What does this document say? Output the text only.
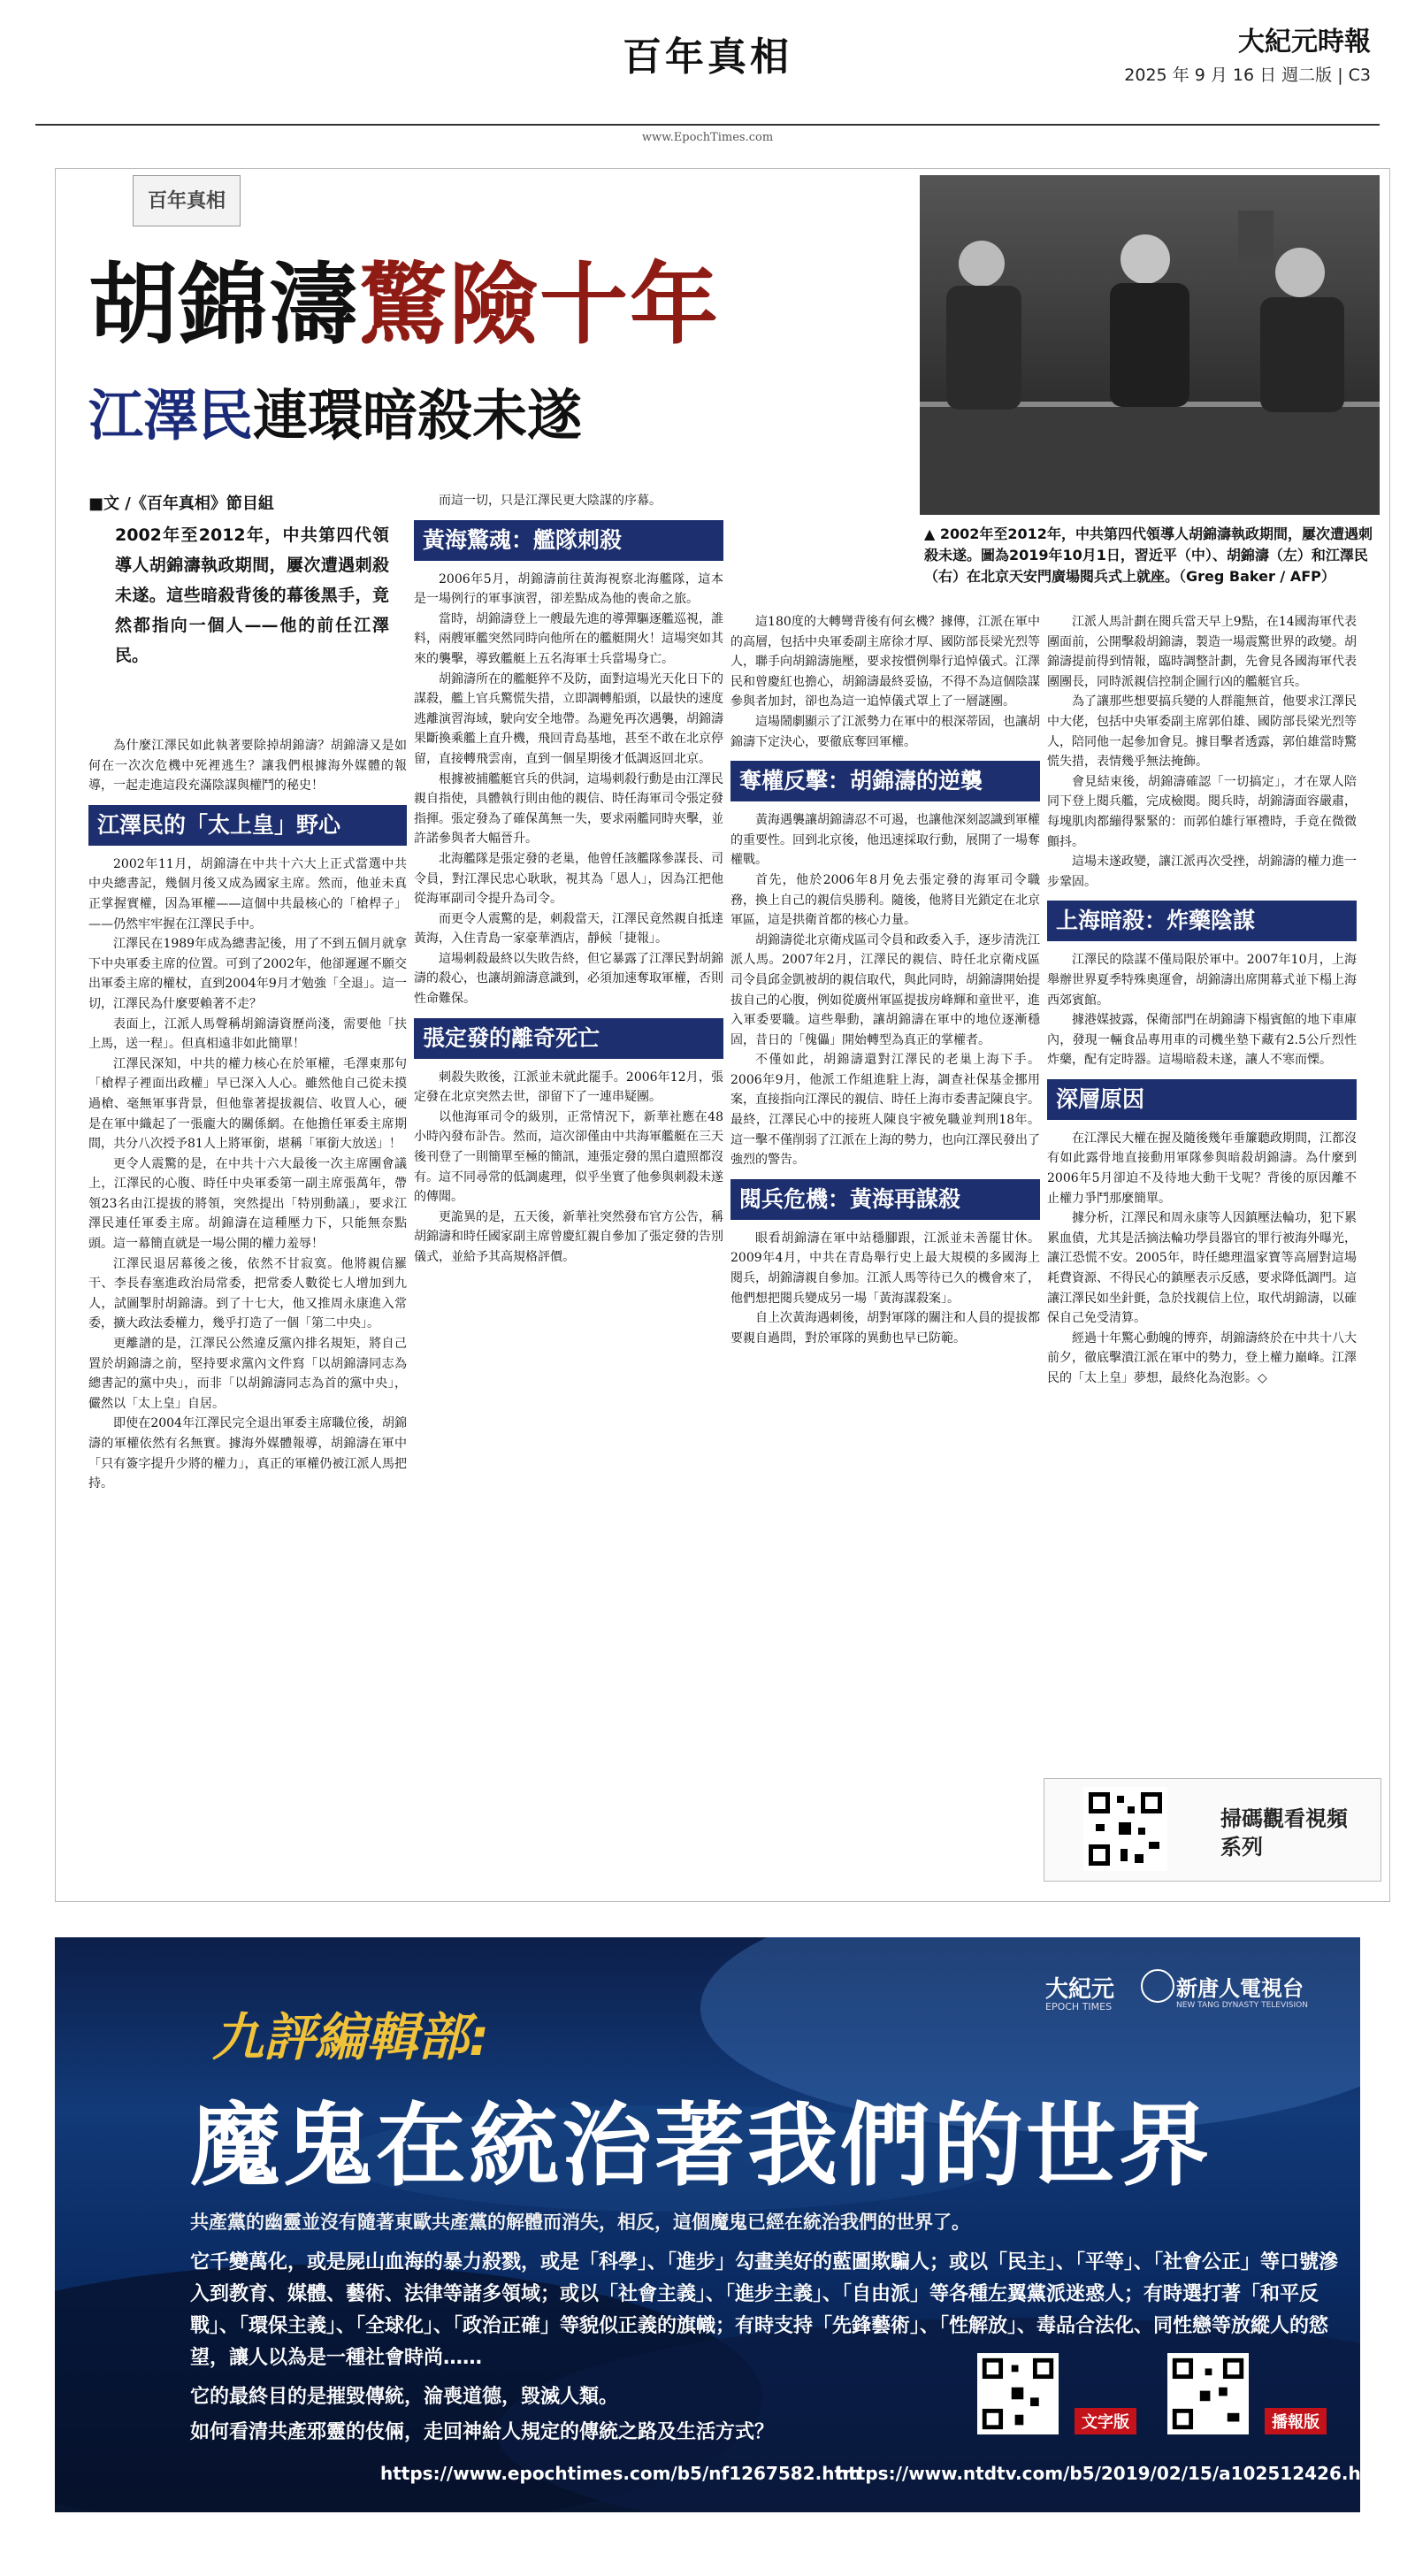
百年真相	大紀元時報
2025 年 9 月 16 日 週二版 | C3
www.EpochTimes.com
百年真相
胡錦濤驚險十年
江澤民連環暗殺未遂
■文 /《百年真相》節目組
2002年至2012年，中共第四代領導人胡錦濤執政期間，屢次遭遇刺殺未遂。這些暗殺背後的幕後黑手，竟然都指向一個人——他的前任江澤民。
▲ 2002年至2012年，中共第四代領導人胡錦濤執政期間，屢次遭遇刺殺未遂。圖為2019年10月1日，習近平（中）、胡錦濤（左）和江澤民（右）在北京天安門廣場閱兵式上就座。（Greg Baker / AFP）

為什麼江澤民如此執著要除掉胡錦濤？胡錦濤又是如何在一次次危機中死裡逃生？讓我們根據海外媒體的報導，一起走進這段充滿陰謀與權鬥的秘史！

江澤民的「太上皇」野心

2002年11月，胡錦濤在中共十六大上正式當選中共中央總書記，幾個月後又成為國家主席。然而，他並未真正掌握實權，因為軍權——這個中共最核心的「槍桿子」——仍然牢牢握在江澤民手中。

江澤民在1989年成為總書記後，用了不到五個月就拿下中央軍委主席的位置。可到了2002年，他卻遲遲不願交出軍委主席的權杖，直到2004年9月才勉強「全退」。這一切，江澤民為什麼要賴著不走？

表面上，江派人馬聲稱胡錦濤資歷尚淺，需要他「扶上馬，送一程」。但真相遠非如此簡單！

江澤民深知，中共的權力核心在於軍權，毛澤東那句「槍桿子裡面出政權」早已深入人心。雖然他自己從未摸過槍、毫無軍事背景，但他靠著提拔親信、收買人心，硬是在軍中織起了一張龐大的關係網。在他擔任軍委主席期間，共分八次授予81人上將軍銜，堪稱「軍銜大放送」！

更令人震驚的是，在中共十六大最後一次主席團會議上，江澤民的心腹、時任中央軍委第一副主席張萬年，帶領23名由江提拔的將領，突然提出「特別動議」，要求江澤民連任軍委主席。胡錦濤在這種壓力下，只能無奈點頭。這一幕簡直就是一場公開的權力羞辱！

江澤民退居幕後之後，依然不甘寂寞。他將親信羅干、李長春塞進政治局常委，把常委人數從七人增加到九人，試圖掣肘胡錦濤。到了十七大，他又推周永康進入常委，擴大政法委權力，幾乎打造了一個「第二中央」。

更離譜的是，江澤民公然違反黨內排名規矩，將自己置於胡錦濤之前，堅持要求黨內文件寫「以胡錦濤同志為總書記的黨中央」，而非「以胡錦濤同志為首的黨中央」，儼然以「太上皇」自居。

即使在2004年江澤民完全退出軍委主席職位後，胡錦濤的軍權依然有名無實。據海外媒體報導，胡錦濤在軍中「只有簽字提升少將的權力」，真正的軍權仍被江派人馬把持。

而這一切，只是江澤民更大陰謀的序幕。

黃海驚魂：艦隊刺殺

2006年5月，胡錦濤前往黃海視察北海艦隊，這本是一場例行的軍事演習，卻差點成為他的喪命之旅。

當時，胡錦濤登上一艘最先進的導彈驅逐艦巡視，誰料，兩艘軍艦突然同時向他所在的艦艇開火！這場突如其來的襲擊，導致艦艇上五名海軍士兵當場身亡。

胡錦濤所在的艦艇猝不及防，面對這場光天化日下的謀殺，艦上官兵驚慌失措，立即調轉船頭，以最快的速度逃離演習海域，駛向安全地帶。為避免再次遇襲，胡錦濤果斷換乘艦上直升機，飛回青島基地，甚至不敢在北京停留，直接轉飛雲南，直到一個星期後才低調返回北京。

根據被捕艦艇官兵的供詞，這場刺殺行動是由江澤民親自指使，具體執行則由他的親信、時任海軍司令張定發指揮。張定發為了確保萬無一失，要求兩艦同時夾擊，並許諾參與者大幅晉升。

北海艦隊是張定發的老巢，他曾任該艦隊參謀長、司令員，對江澤民忠心耿耿，視其為「恩人」，因為江把他從海軍副司令提升為司令。

而更令人震驚的是，刺殺當天，江澤民竟然親自抵達黃海，入住青島一家豪華酒店，靜候「捷報」。

這場刺殺最終以失敗告終，但它暴露了江澤民對胡錦濤的殺心，也讓胡錦濤意識到，必須加速奪取軍權，否則性命難保。

張定發的離奇死亡

刺殺失敗後，江派並未就此罷手。2006年12月，張定發在北京突然去世，卻留下了一連串疑團。

以他海軍司令的級別，正常情況下，新華社應在48小時內發布訃告。然而，這次卻僅由中共海軍艦艇在三天後刊登了一則簡單至極的簡訊，連張定發的黑白遺照都沒有。這不同尋常的低調處理，似乎坐實了他參與刺殺未遂的傳聞。

更詭異的是，五天後，新華社突然發布官方公告，稱胡錦濤和時任國家副主席曾慶紅親自參加了張定發的告別儀式，並給予其高規格評價。

這180度的大轉彎背後有何玄機？據傳，江派在軍中的高層，包括中央軍委副主席徐才厚、國防部長梁光烈等人，聯手向胡錦濤施壓，要求按慣例舉行追悼儀式。江澤民和曾慶紅也擔心，胡錦濤最終妥協，不得不為這個陰謀參與者加封，卻也為這一追悼儀式罩上了一層謎團。

這場鬧劇顯示了江派勢力在軍中的根深蒂固，也讓胡錦濤下定決心，要徹底奪回軍權。

奪權反擊：胡錦濤的逆襲

黃海遇襲讓胡錦濤忍不可遏，也讓他深刻認識到軍權的重要性。回到北京後，他迅速採取行動，展開了一場奪權戰。

首先，他於2006年8月免去張定發的海軍司令職務，換上自己的親信吳勝利。隨後，他將目光鎖定在北京軍區，這是拱衛首都的核心力量。

胡錦濤從北京衛戍區司令員和政委入手，逐步清洗江派人馬。2007年2月，江澤民的親信、時任北京衛戍區司令員邱金凱被胡的親信取代，與此同時，胡錦濤開始提拔自己的心腹，例如從廣州軍區提拔房峰輝和童世平，進入軍委要職。這些舉動，讓胡錦濤在軍中的地位逐漸穩固，昔日的「傀儡」開始轉型為真正的掌權者。

不僅如此，胡錦濤還對江澤民的老巢上海下手。2006年9月，他派工作組進駐上海，調查社保基金挪用案，直接指向江澤民的親信、時任上海市委書記陳良宇。最終，江澤民心中的接班人陳良宇被免職並判刑18年。這一擊不僅削弱了江派在上海的勢力，也向江澤民發出了強烈的警告。

閱兵危機：黃海再謀殺

眼看胡錦濤在軍中站穩腳跟，江派並未善罷甘休。2009年4月，中共在青島舉行史上最大規模的多國海上閱兵，胡錦濤親自參加。江派人馬等待已久的機會來了，他們想把閱兵變成另一場「黃海謀殺案」。

自上次黃海遇刺後，胡對軍隊的關注和人員的提拔都要親自過問，對於軍隊的異動也早已防範。

江派人馬計劃在閱兵當天早上9點，在14國海軍代表團面前，公開擊殺胡錦濤，製造一場震驚世界的政變。胡錦濤提前得到情報，臨時調整計劃，先會見各國海軍代表團團長，同時派親信控制企圖行凶的艦艇官兵。

為了讓那些想要搞兵變的人群龍無首，他要求江澤民中大佬，包括中央軍委副主席郭伯雄、國防部長梁光烈等人，陪同他一起參加會見。據目擊者透露，郭伯雄當時驚慌失措，表情幾乎無法掩飾。

會見結束後，胡錦濤確認「一切搞定」，才在眾人陪同下登上閱兵艦，完成檢閱。閱兵時，胡錦濤面容嚴肅，每塊肌肉都繃得緊緊的：而郭伯雄行軍禮時，手竟在微微顫抖。

這場未遂政變，讓江派再次受挫，胡錦濤的權力進一步鞏固。

上海暗殺：炸藥陰謀

江澤民的陰謀不僅局限於軍中。2007年10月，上海舉辦世界夏季特殊奧運會，胡錦濤出席開幕式並下榻上海西郊賓館。

據港媒披露，保衛部門在胡錦濤下榻賓館的地下車庫內，發現一輛食品專用車的司機坐墊下藏有2.5公斤烈性炸藥，配有定時器。這場暗殺未遂，讓人不寒而慄。

深層原因

在江澤民大權在握及隨後幾年垂簾聽政期間，江都沒有如此露骨地直接動用軍隊參與暗殺胡錦濤。為什麼到2006年5月卻迫不及待地大動干戈呢？背後的原因離不止權力爭鬥那麼簡單。

據分析，江澤民和周永康等人因鎮壓法輪功，犯下累累血債，尤其是活摘法輪功學員器官的罪行被海外曝光，讓江恐慌不安。2005年，時任總理溫家寶等高層對這場耗費資源、不得民心的鎮壓表示反感，要求降低調門。這讓江澤民如坐針氈，急於找親信上位，取代胡錦濤，以確保自己免受清算。

經過十年驚心動魄的博弈，胡錦濤終於在中共十八大前夕，徹底擊潰江派在軍中的勢力，登上權力巔峰。江澤民的「太上皇」夢想，最終化為泡影。◇

掃碼觀看視頻系列
大紀元
EPOCH TIMES
新唐人電視台
NEW TANG DYNASTY TELEVISION
九評編輯部:
魔鬼在統治著我們的世界
共產黨的幽靈並沒有隨著東歐共產黨的解體而消失，相反，這個魔鬼已經在統治我們的世界了。
它千變萬化，或是屍山血海的暴力殺戮，或是「科學」、「進步」勾畫美好的藍圖欺騙人；或以「民主」、「平等」、「社會公正」等口號滲入到教育、媒體、藝術、法律等諸多領域；或以「社會主義」、「進步主義」、「自由派」等各種左翼黨派迷惑人；有時選打著「和平反戰」、「環保主義」、「全球化」、「政治正確」等貌似正義的旗幟；有時支持「先鋒藝術」、「性解放」、毒品合法化、同性戀等放縱人的慾望，讓人以為是一種社會時尚……
它的最終目的是摧毀傳統，淪喪道德，毀滅人類。
如何看清共產邪靈的伎倆，走回神給人規定的傳統之路及生活方式？	文字版	播報版
https://www.epochtimes.com/b5/nf1267582.htm
https://www.ntdtv.com/b5/2019/02/15/a102512426.html
